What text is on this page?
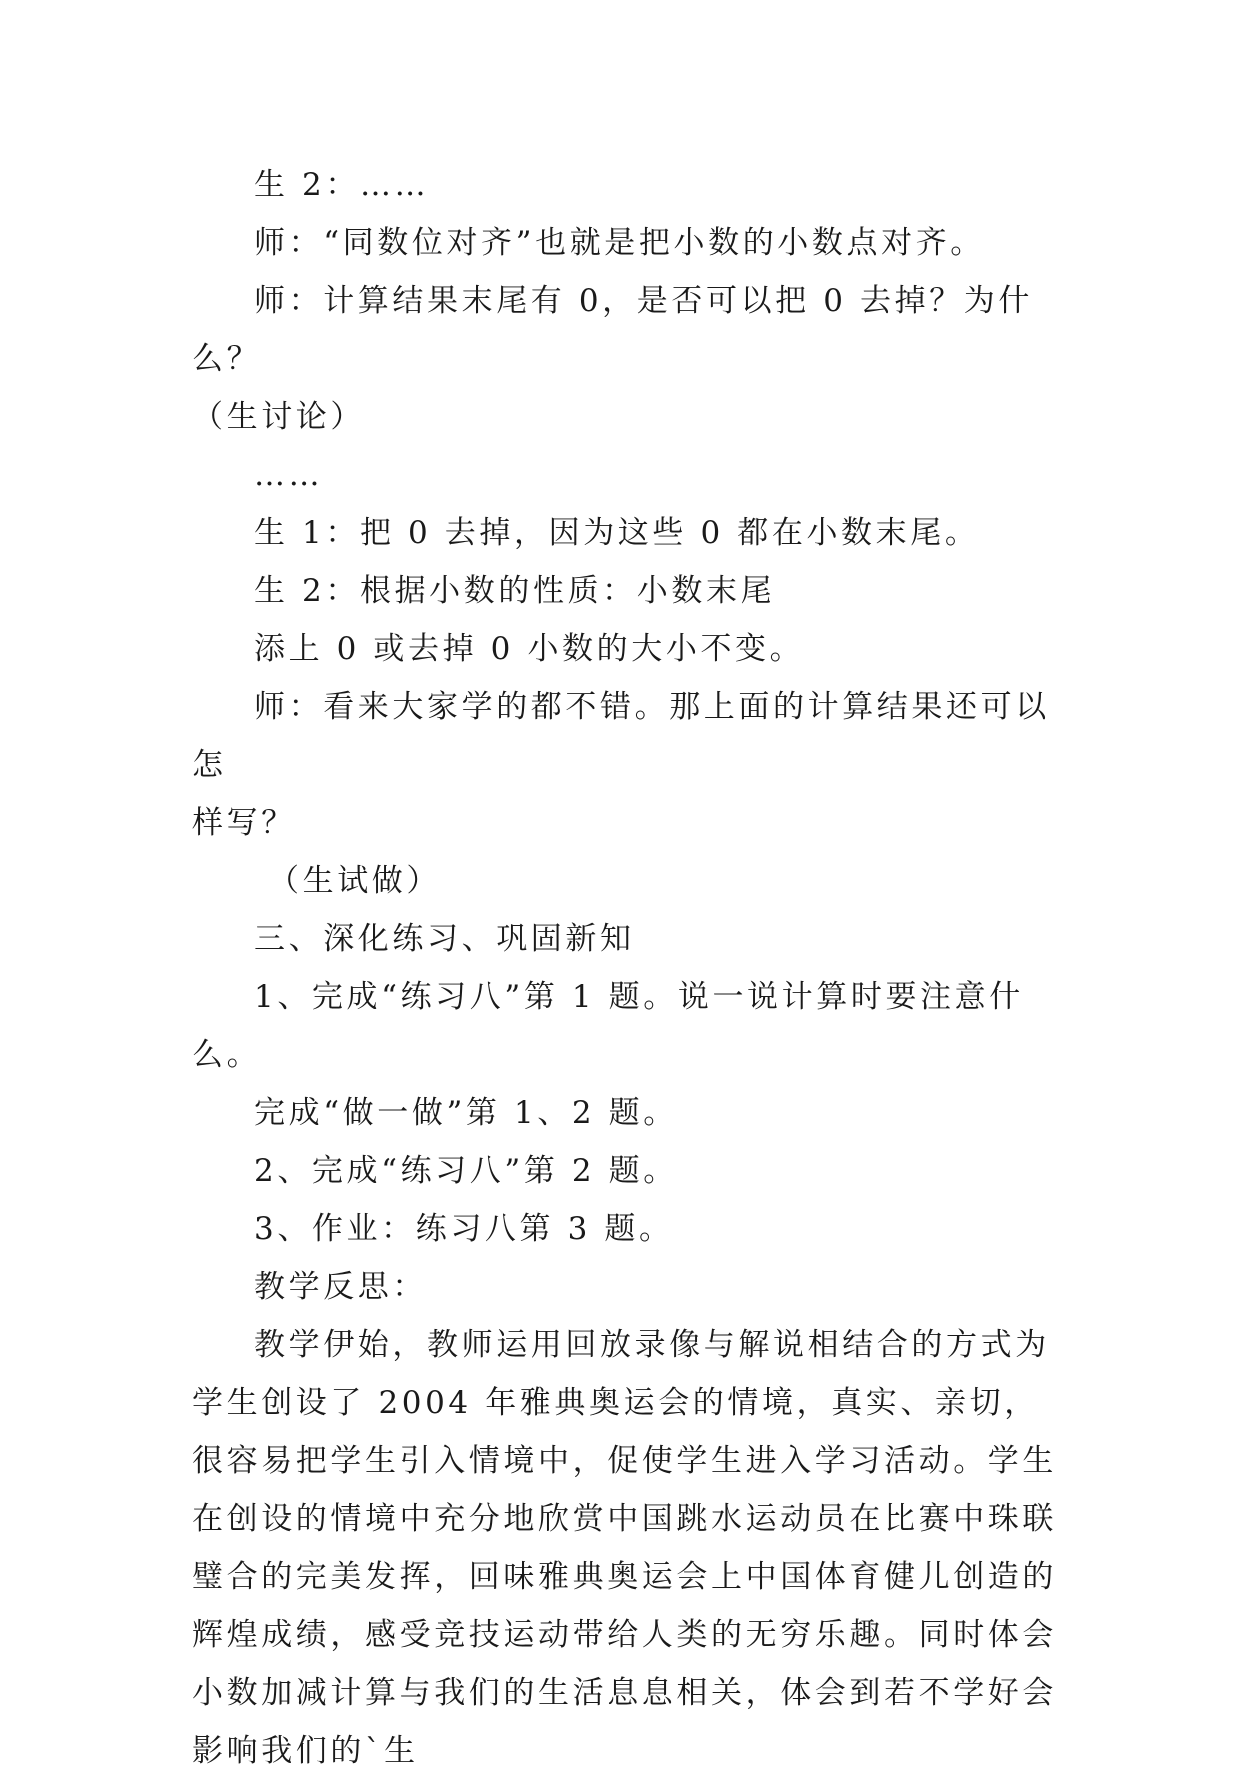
生 2：……

师：“同数位对齐”也就是把小数的小数点对齐。

师：计算结果末尾有 0，是否可以把 0 去掉？为什么？

（生讨论）

……

生 1：把 0 去掉，因为这些 0 都在小数末尾。

生 2：根据小数的性质：小数末尾

添上 0 或去掉 0 小数的大小不变。

师：看来大家学的都不错。那上面的计算结果还可以怎

样写？

（生试做）

三、深化练习、巩固新知

1、完成“练习八”第 1 题。说一说计算时要注意什么。

完成“做一做”第 1、2 题。

2、完成“练习八”第 2 题。

3、作业：练习八第 3 题。

教学反思：

教学伊始，教师运用回放录像与解说相结合的方式为学生创设了 2004 年雅典奥运会的情境，真实、亲切，很容易把学生引入情境中，促使学生进入学习活动。学生在创设的情境中充分地欣赏中国跳水运动员在比赛中珠联璧合的完美发挥，回味雅典奥运会上中国体育健儿创造的辉煌成绩，感受竞技运动带给人类的无穷乐趣。同时体会小数加减计算与我们的生活息息相关，体会到若不学好会影响我们的`生
